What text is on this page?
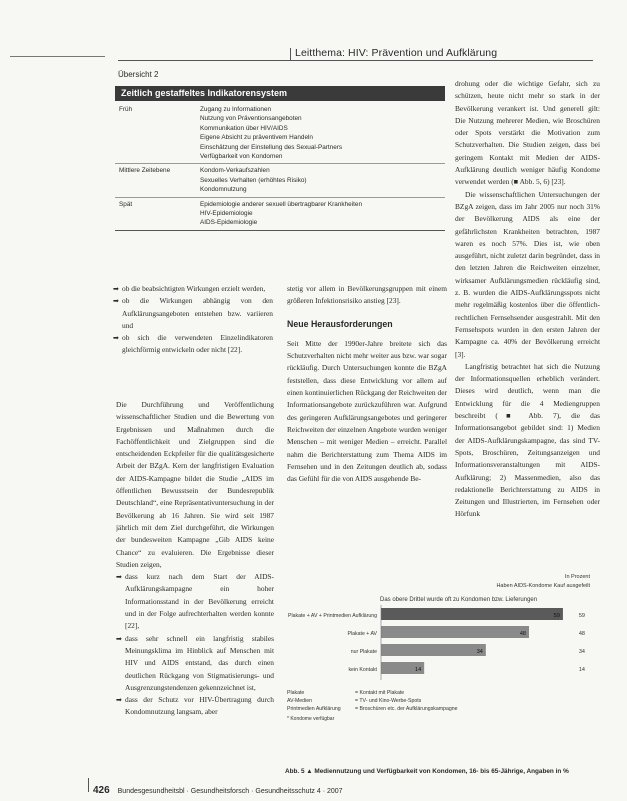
Leitthema: HIV: Prävention und Aufklärung
Übersicht 2
Zeitlich gestaffeltes Indikatorensystem
Früh	Zugang zu Informationen
Nutzung von Präventionsangeboten
Kommunikation über HIV/AIDS
Eigene Absicht zu präventivem Handeln
Einschätzung der Einstellung des Sexual-Partners
Verfügbarkeit von Kondomen
Mittlere Zeitebene	Kondom-Verkaufszahlen
Sexuelles Verhalten (erhöhtes Risiko)
Kondomnutzung
Spät	Epidemiologie anderer sexuell übertragbarer Krankheiten
HIV-Epidemiologie
AIDS-Epidemiologie
➡ ob die beabsichtigten Wirkungen erzielt werden,
➡ ob die Wirkungen abhängig von den Aufklärungsangeboten entstehen bzw. variieren und
➡ ob sich die verwendeten Einzelindikatoren gleichförmig entwickeln oder nicht [22].

Die Durchführung und Veröffentlichung wissenschaftlicher Studien und die Bewertung von Ergebnissen und Maßnahmen durch die Fachöffentlichkeit und Zielgruppen sind die entscheidenden Eckpfeiler für die qualitätsgesicherte Arbeit der BZgA. Kern der langfristigen Evaluation der AIDS-Kampagne bildet die Studie „AIDS im öffentlichen Bewusstsein der Bundesrepublik Deutschland“, eine Repräsentativuntersuchung in der Bevölkerung ab 16 Jahren. Sie wird seit 1987 jährlich mit dem Ziel durchgeführt, die Wirkungen der bundesweiten Kampagne „Gib AIDS keine Chance“ zu evaluieren. Die Ergebnisse dieser Studien zeigen,

➡ dass kurz nach dem Start der AIDS-Aufklärungskampagne ein hoher Informationsstand in der Bevölkerung erreicht und in der Folge aufrechterhalten werden konnte [22],
➡ dass sehr schnell ein langfristig stabiles Meinungsklima im Hinblick auf Menschen mit HIV und AIDS entstand, das durch einen deutlichen Rückgang von Stigmatisierungs- und Ausgrenzungstendenzen gekennzeichnet ist,
➡ dass der Schutz vor HIV-Übertragung durch Kondomnutzung langsam, aber

stetig vor allem in Bevölkerungsgruppen mit einem größeren Infektionsrisiko anstieg [23].

Neue Herausforderungen

Seit Mitte der 1990er-Jahre breitete sich das Schutzverhalten nicht mehr weiter aus bzw. war sogar rückläufig. Durch Untersuchungen konnte die BZgA feststellen, dass diese Entwicklung vor allem auf einen kontinuierlichen Rückgang der Reichweiten der Informationsangebote zurückzuführen war. Aufgrund des geringeren Aufklärungsangebotes und geringerer Reichweiten der einzelnen Angebote wurden weniger Menschen – mit weniger Medien – erreicht. Parallel nahm die Berichterstattung zum Thema AIDS im Fernsehen und in den Zeitungen deutlich ab, sodass das Gefühl für die von AIDS ausgehende Be-

drohung oder die wichtige Gefahr, sich zu schützen, heute nicht mehr so stark in der Bevölkerung verankert ist. Und generell gilt: Die Nutzung mehrerer Medien, wie Broschüren oder Spots verstärkt die Motivation zum Schutzverhalten. Die Studien zeigen, dass bei geringem Kontakt mit Medien der AIDS-Aufklärung deutlich weniger häufig Kondome verwendet werden (■ Abb. 5, 6) [23].

Die wissenschaftlichen Untersuchungen der BZgA zeigen, dass im Jahr 2005 nur noch 31% der Bevölkerung AIDS als eine der gefährlichsten Krankheiten betrachten, 1987 waren es noch 57%. Dies ist, wie oben ausgeführt, nicht zuletzt darin begründet, dass in den letzten Jahren die Reichweiten einzelner, wirksamer Aufklärungsmedien rückläufig sind, z. B. wurden die AIDS-Aufklärungsspots nicht mehr regelmäßig kostenlos über die öffentlich-rechtlichen Fernsehsender ausgestrahlt. Mit den Fernsehspots wurden in den ersten Jahren der Kampagne ca. 40% der Bevölkerung erreicht [3].

Langfristig betrachtet hat sich die Nutzung der Informationsquellen erheblich verändert. Dieses wird deutlich, wenn man die Entwicklung für die 4 Mediengruppen beschreibt (■ Abb. 7), die das Informationsangebot gebildet sind: 1) Medien der AIDS-Aufklärungskampagne, das sind TV-Spots, Broschüren, Zeitungsanzeigen und Informationsveranstaltungen mit AIDS-Aufklärung; 2) Massenmedien, also das redaktionelle Berichterstattung zu AIDS in Zeitungen und Illustrierten, im Fernsehen oder Hörfunk

In Prozent
Haben AIDS-Kondome Kauf ausgefeilt
Das obere Drittel wurde oft zu Kondomen bzw. Lieferungen
Plakate + AV + Printmedien Aufklärung	59	59
Plakate + AV	48	48
nur Plakate	34	34
kein Kontakt	14	14
Plakate	= Kontakt mit Plakate
AV-Medien	= TV- und Kino-Werbe-Spots
Printmedien Aufklärung	= Broschüren etc. der Aufklärungskampagne
* Kondome verfügbar
Abb. 5 ▲ Mediennutzung und Verfügbarkeit von Kondomen, 16- bis 65-Jährige, Angaben in %
426 Bundesgesundheitsbl · Gesundheitsforsch · Gesundheitsschutz 4 · 2007
